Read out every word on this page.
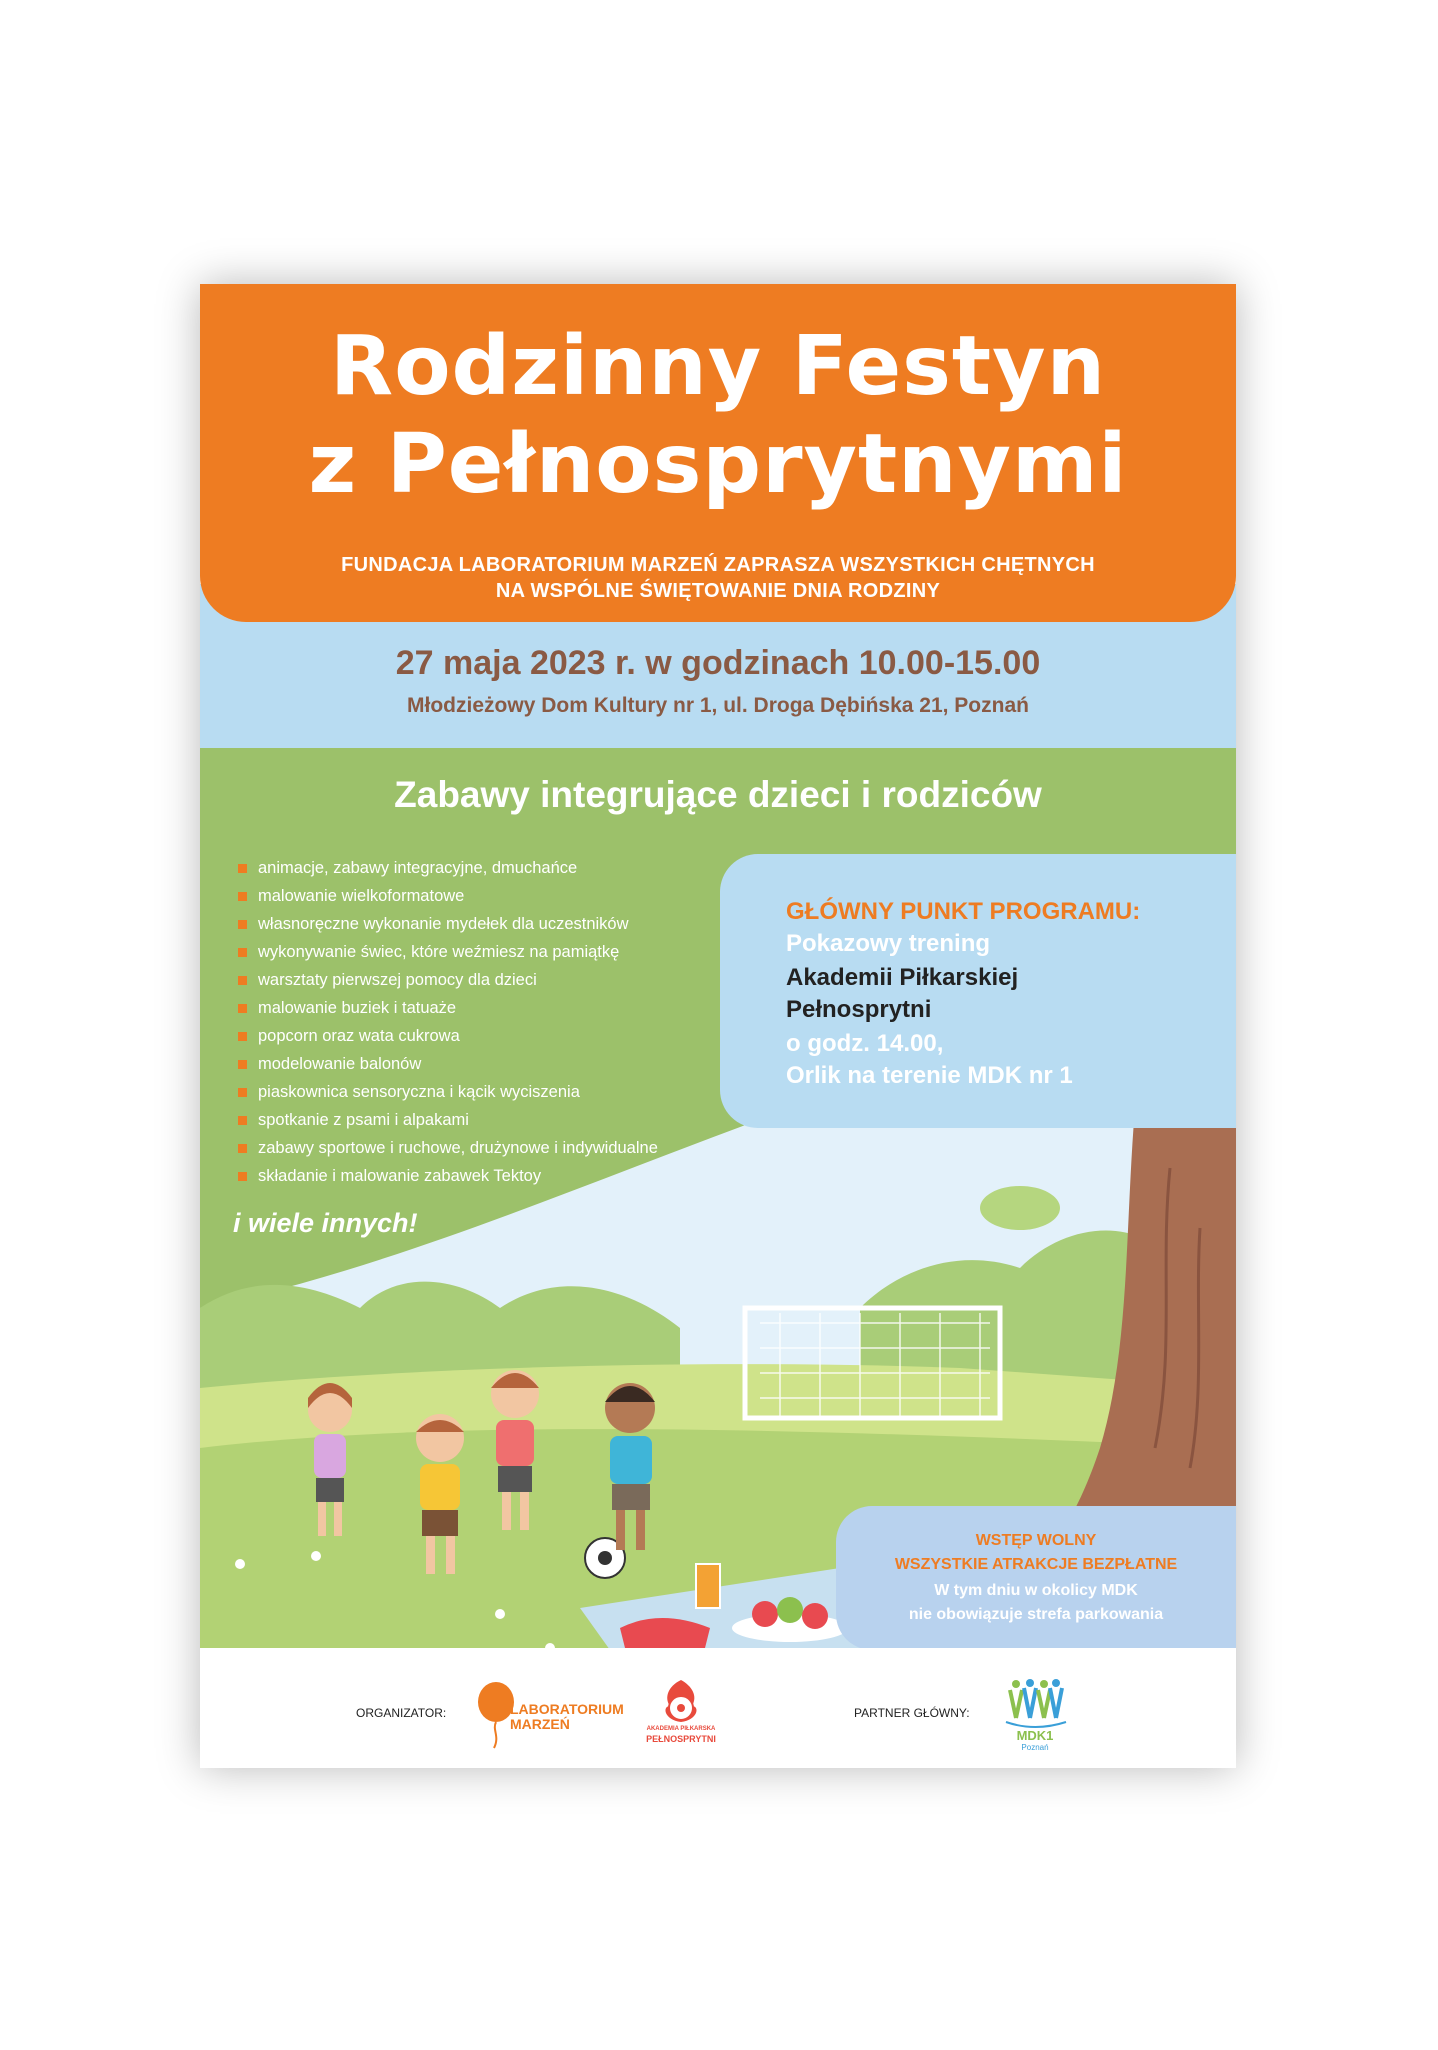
Rodzinny Festyn
z Pełnosprytnymi
FUNDACJA LABORATORIUM MARZEŃ ZAPRASZA WSZYSTKICH CHĘTNYCH
NA WSPÓLNE ŚWIĘTOWANIE DNIA RODZINY
27 maja 2023 r. w godzinach 10.00-15.00
Młodzieżowy Dom Kultury nr 1, ul. Droga Dębińska 21, Poznań
Zabawy integrujące dzieci i rodziców
animacje, zabawy integracyjne, dmuchańce
malowanie wielkoformatowe
własnoręczne wykonanie mydełek dla uczestników
wykonywanie świec, które weźmiesz na pamiątkę
warsztaty pierwszej pomocy dla dzieci
malowanie buziek i tatuaże
popcorn oraz wata cukrowa
modelowanie balonów
piaskownica sensoryczna i kącik wyciszenia
spotkanie z psami i alpakami
zabawy sportowe i ruchowe, drużynowe i indywidualne
składanie i malowanie zabawek Tektoy
i wiele innych!
GŁÓWNY PUNKT PROGRAMU:
Pokazowy trening
Akademii Piłkarskiej
Pełnosprytni
o godz. 14.00,
Orlik na terenie MDK nr 1
WSTĘP WOLNY
WSZYSTKIE ATRAKCJE BEZPŁATNE
W tym dniu w okolicy MDK
nie obowiązuje strefa parkowania
ORGANIZATOR:	LABORATORIUM
MARZEŃ	AKADEMIA PIŁKARSKA
PEŁNOSPRYTNI
PARTNER GŁÓWNY:
MDK1
Poznań
